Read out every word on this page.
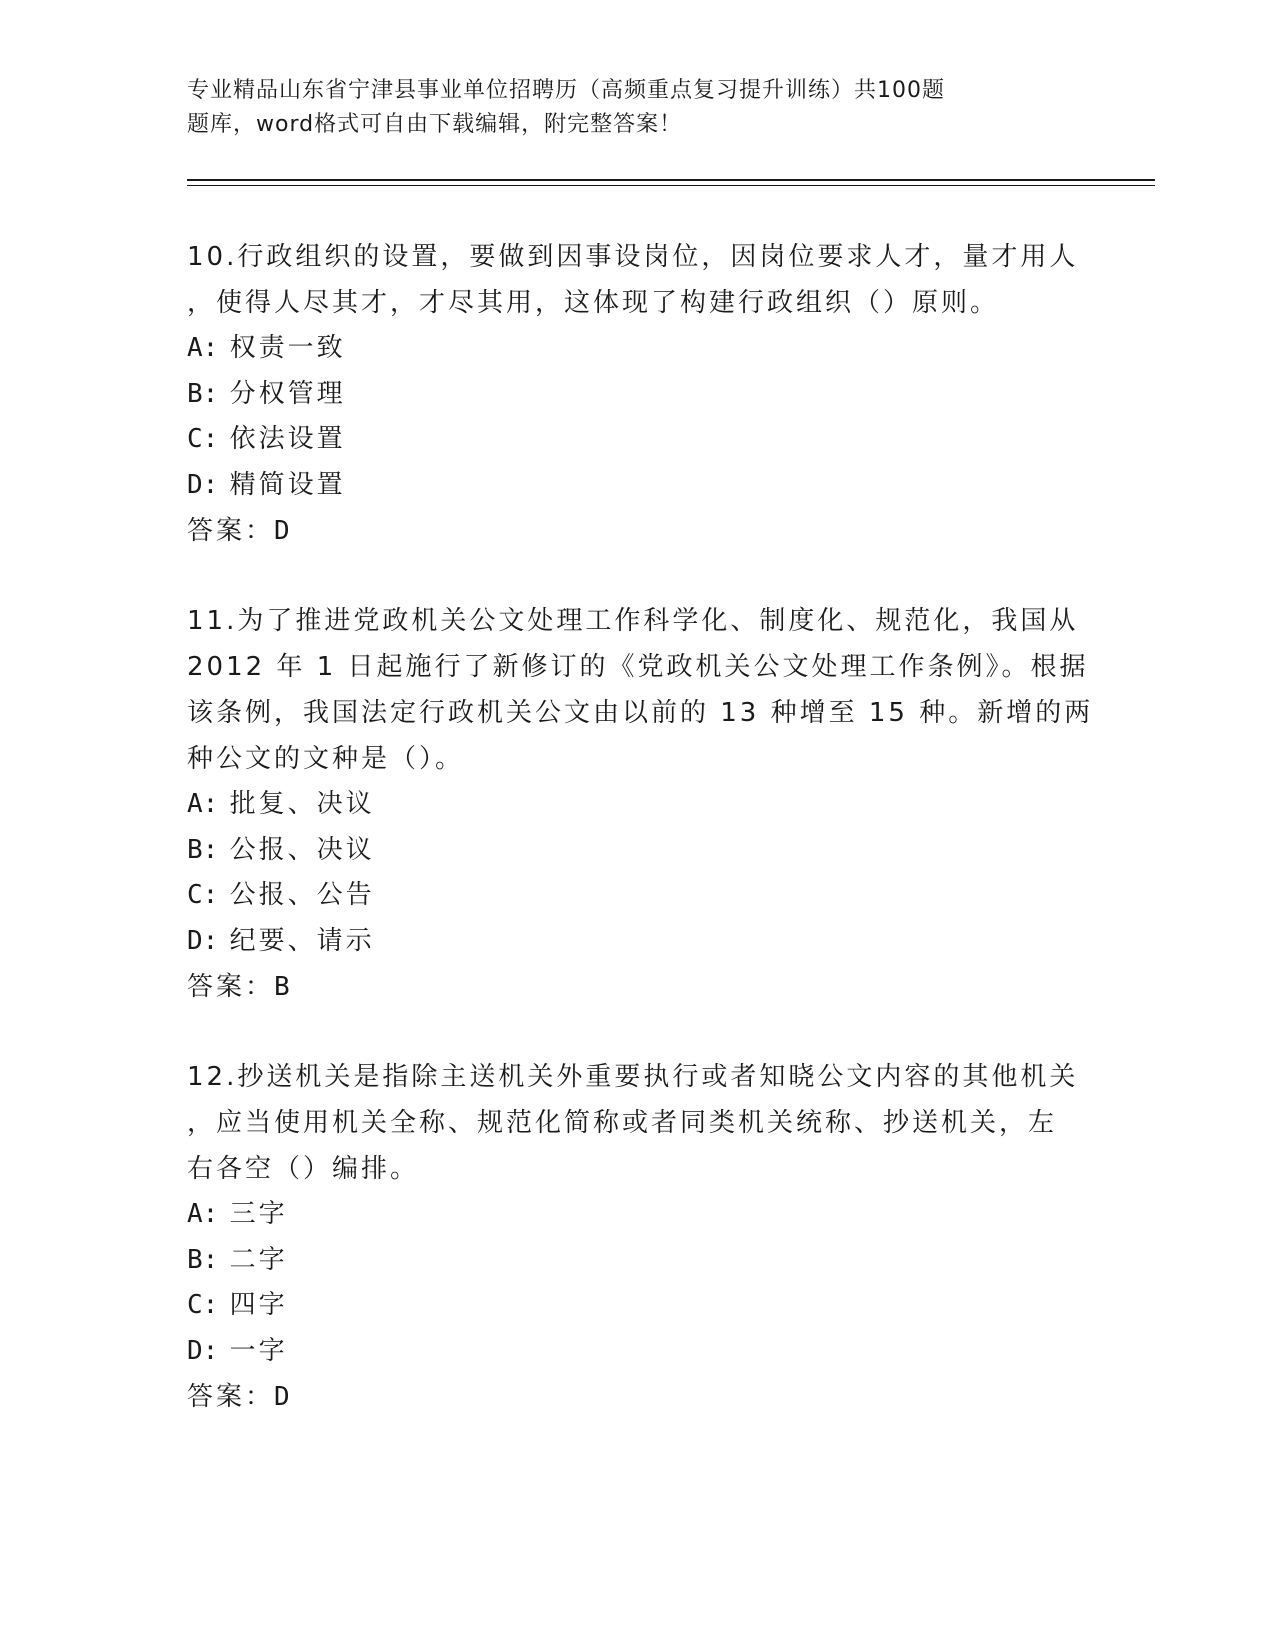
专业精品山东省宁津县事业单位招聘历（高频重点复习提升训练）共100题
题库，word格式可自由下载编辑，附完整答案！
10.行政组织的设置，要做到因事设岗位，因岗位要求人才，量才用人
，使得人尽其才，才尽其用，这体现了构建行政组织（）原则。
A: 权责一致
B: 分权管理
C: 依法设置
D: 精简设置
答案：D
11.为了推进党政机关公文处理工作科学化、制度化、规范化，我国从
2012 年 1 日起施行了新修订的《党政机关公文处理工作条例》。根据
该条例，我国法定行政机关公文由以前的 13 种增至 15 种。新增的两
种公文的文种是（）。
A: 批复、决议
B: 公报、决议
C: 公报、公告
D: 纪要、请示
答案：B
12.抄送机关是指除主送机关外重要执行或者知晓公文内容的其他机关
，应当使用机关全称、规范化简称或者同类机关统称、抄送机关，左
右各空（）编排。
A: 三字
B: 二字
C: 四字
D: 一字
答案：D
